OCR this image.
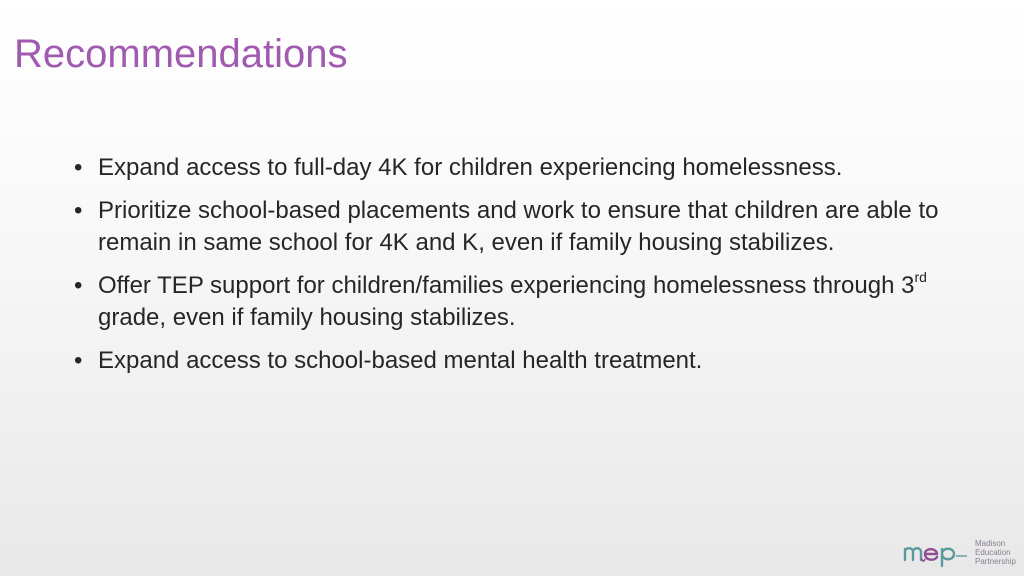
Recommendations
• Expand access to full-day 4K for children experiencing homelessness.
• Prioritize school-based placements and work to ensure that children are able to remain in same school for 4K and K, even if family housing stabilizes.
• Offer TEP support for children/families experiencing homelessness through 3rd grade, even if family housing stabilizes.
• Expand access to school-based mental health treatment.
Madison
Education
Partnership
